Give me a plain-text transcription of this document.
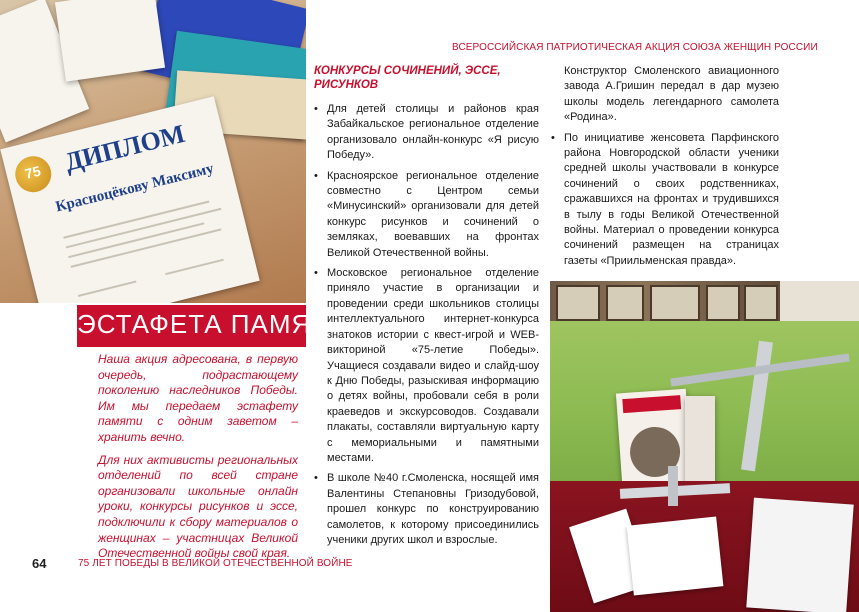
75 ДИПЛОМ
Красноцёкову Максиму
ЭСТАФЕТА ПАМЯТИ

Наша акция адресована, в первую очередь, подрастающему поколению наследников Победы. Им мы передаем эстафету памяти с одним заветом – хранить вечно.

Для них активисты региональных отделений по всей стране организовали школьные онлайн уроки, конкурсы рисунков и эссе, подключили к сбору материалов о женщинах – участницах Великой Отечественной войны свой края.

64	75 ЛЕТ ПОБЕДЫ В ВЕЛИКОЙ ОТЕЧЕСТВЕННОЙ ВОЙНЕ
ВСЕРОССИЙСКАЯ ПАТРИОТИЧЕСКАЯ АКЦИЯ СОЮЗА ЖЕНЩИН РОССИИ
КОНКУРСЫ СОЧИНЕНИЙ, ЭССЕ, РИСУНКОВ
• Для детей столицы и районов края Забайкальское региональное отделение организовало онлайн-конкурс «Я рисую Победу».
• Красноярское региональное отделение совместно с Центром семьи «Минусинский» организовали для детей конкурс рисунков и сочинений о земляках, воевавших на фронтах Великой Отечественной войны.
• Московское региональное отделение приняло участие в организации и проведении среди школьников столицы интеллектуального интернет-конкурса знатоков истории с квест-игрой и WEB-викториной «75-летие Победы». Учащиеся создавали видео и слайд-шоу к Дню Победы, разыскивая информацию о детях войны, пробовали себя в роли краеведов и экскурсоводов. Создавали плакаты, составляли виртуальную карту с мемориальными и памятными местами.
• В школе №40 г.Смоленска, носящей имя Валентины Степановны Гризодубовой, прошел конкурс по конструированию самолетов, к которому присоединились ученики других школ и взрослые.
Конструктор Смоленского авиационного завода А.Гришин передал в дар музею школы модель легендарного самолета «Родина».
• По инициативе женсовета Парфинского района Новгородской области ученики средней школы участвовали в конкурсе сочинений о своих родственниках, сражавшихся на фронтах и трудившихся в тылу в годы Великой Отечественной войны. Материал о проведении конкурса сочинений размещен на страницах газеты «Приильменская правда».
